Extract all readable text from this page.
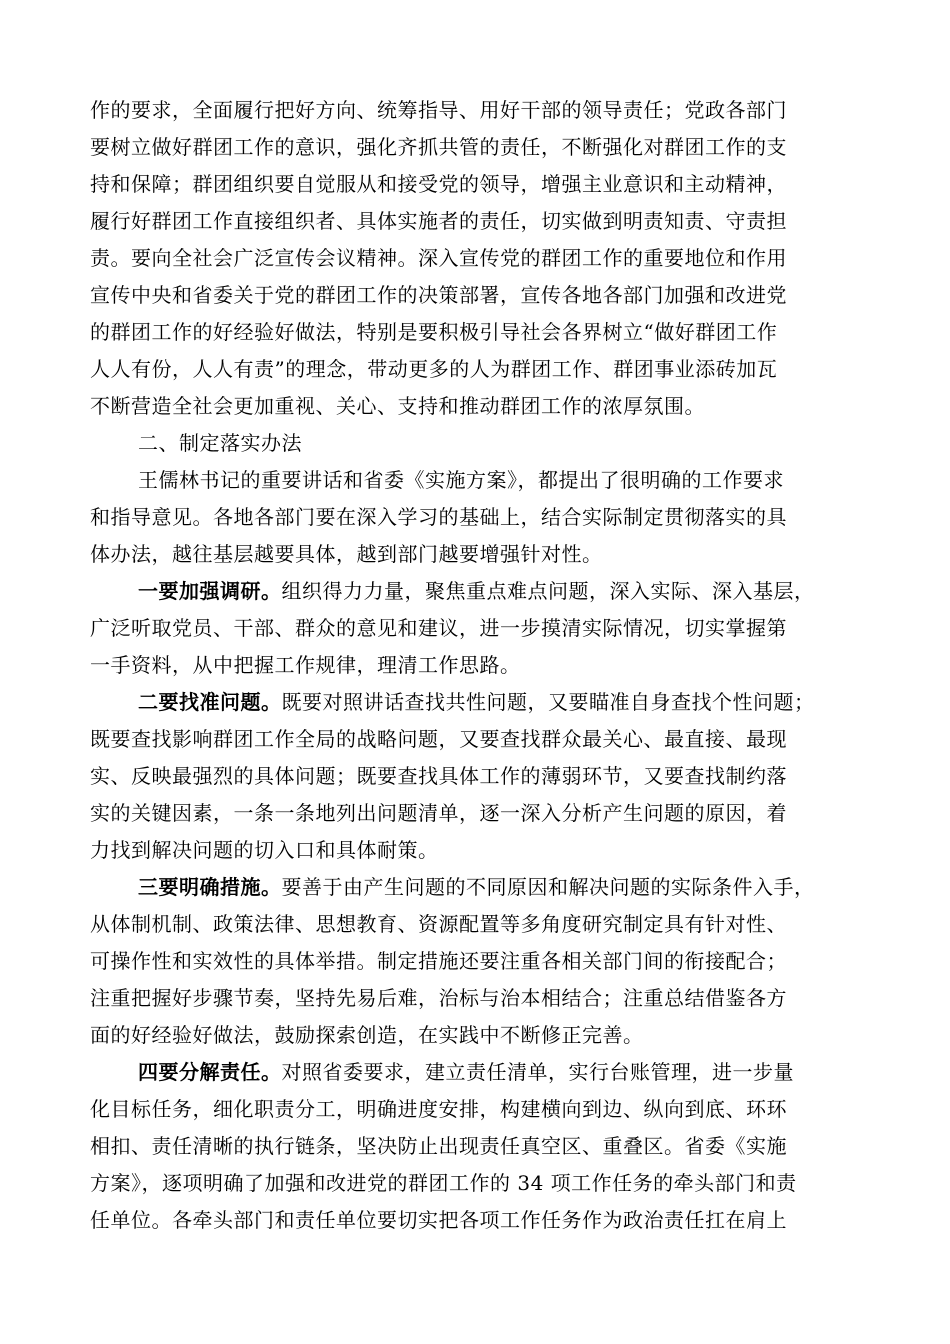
作的要求，全面履行把好方向、统筹指导、用好干部的领导责任；党政各部门
要树立做好群团工作的意识，强化齐抓共管的责任，不断强化对群团工作的支
持和保障；群团组织要自觉服从和接受党的领导，增强主业意识和主动精神，
履行好群团工作直接组织者、具体实施者的责任，切实做到明责知责、守责担
责。要向全社会广泛宣传会议精神。深入宣传党的群团工作的重要地位和作用
宣传中央和省委关于党的群团工作的决策部署，宣传各地各部门加强和改进党
的群团工作的好经验好做法，特别是要积极引导社会各界树立“做好群团工作
人人有份，人人有责”的理念，带动更多的人为群团工作、群团事业添砖加瓦
不断营造全社会更加重视、关心、支持和推动群团工作的浓厚氛围。
二、制定落实办法
王儒林书记的重要讲话和省委《实施方案》，都提出了很明确的工作要求
和指导意见。各地各部门要在深入学习的基础上，结合实际制定贯彻落实的具
体办法，越往基层越要具体，越到部门越要增强针对性。
一要加强调研。组织得力力量，聚焦重点难点问题，深入实际、深入基层，
广泛听取党员、干部、群众的意见和建议，进一步摸清实际情况，切实掌握第
一手资料，从中把握工作规律，理清工作思路。
二要找准问题。既要对照讲话查找共性问题，又要瞄准自身查找个性问题；
既要查找影响群团工作全局的战略问题，又要查找群众最关心、最直接、最现
实、反映最强烈的具体问题；既要查找具体工作的薄弱环节，又要查找制约落
实的关键因素，一条一条地列出问题清单，逐一深入分析产生问题的原因，着
力找到解决问题的切入口和具体耐策。
三要明确措施。要善于由产生问题的不同原因和解决问题的实际条件入手，
从体制机制、政策法律、思想教育、资源配置等多角度研究制定具有针对性、
可操作性和实效性的具体举措。制定措施还要注重各相关部门间的衔接配合；
注重把握好步骤节奏，坚持先易后难，治标与治本相结合；注重总结借鉴各方
面的好经验好做法，鼓励探索创造，在实践中不断修正完善。
四要分解责任。对照省委要求，建立责任清单，实行台账管理，进一步量
化目标任务，细化职责分工，明确进度安排，构建横向到边、纵向到底、环环
相扣、责任清晰的执行链条，坚决防止出现责任真空区、重叠区。省委《实施
方案》，逐项明确了加强和改进党的群团工作的 34 项工作任务的牵头部门和责
任单位。各牵头部门和责任单位要切实把各项工作任务作为政治责任扛在肩上
